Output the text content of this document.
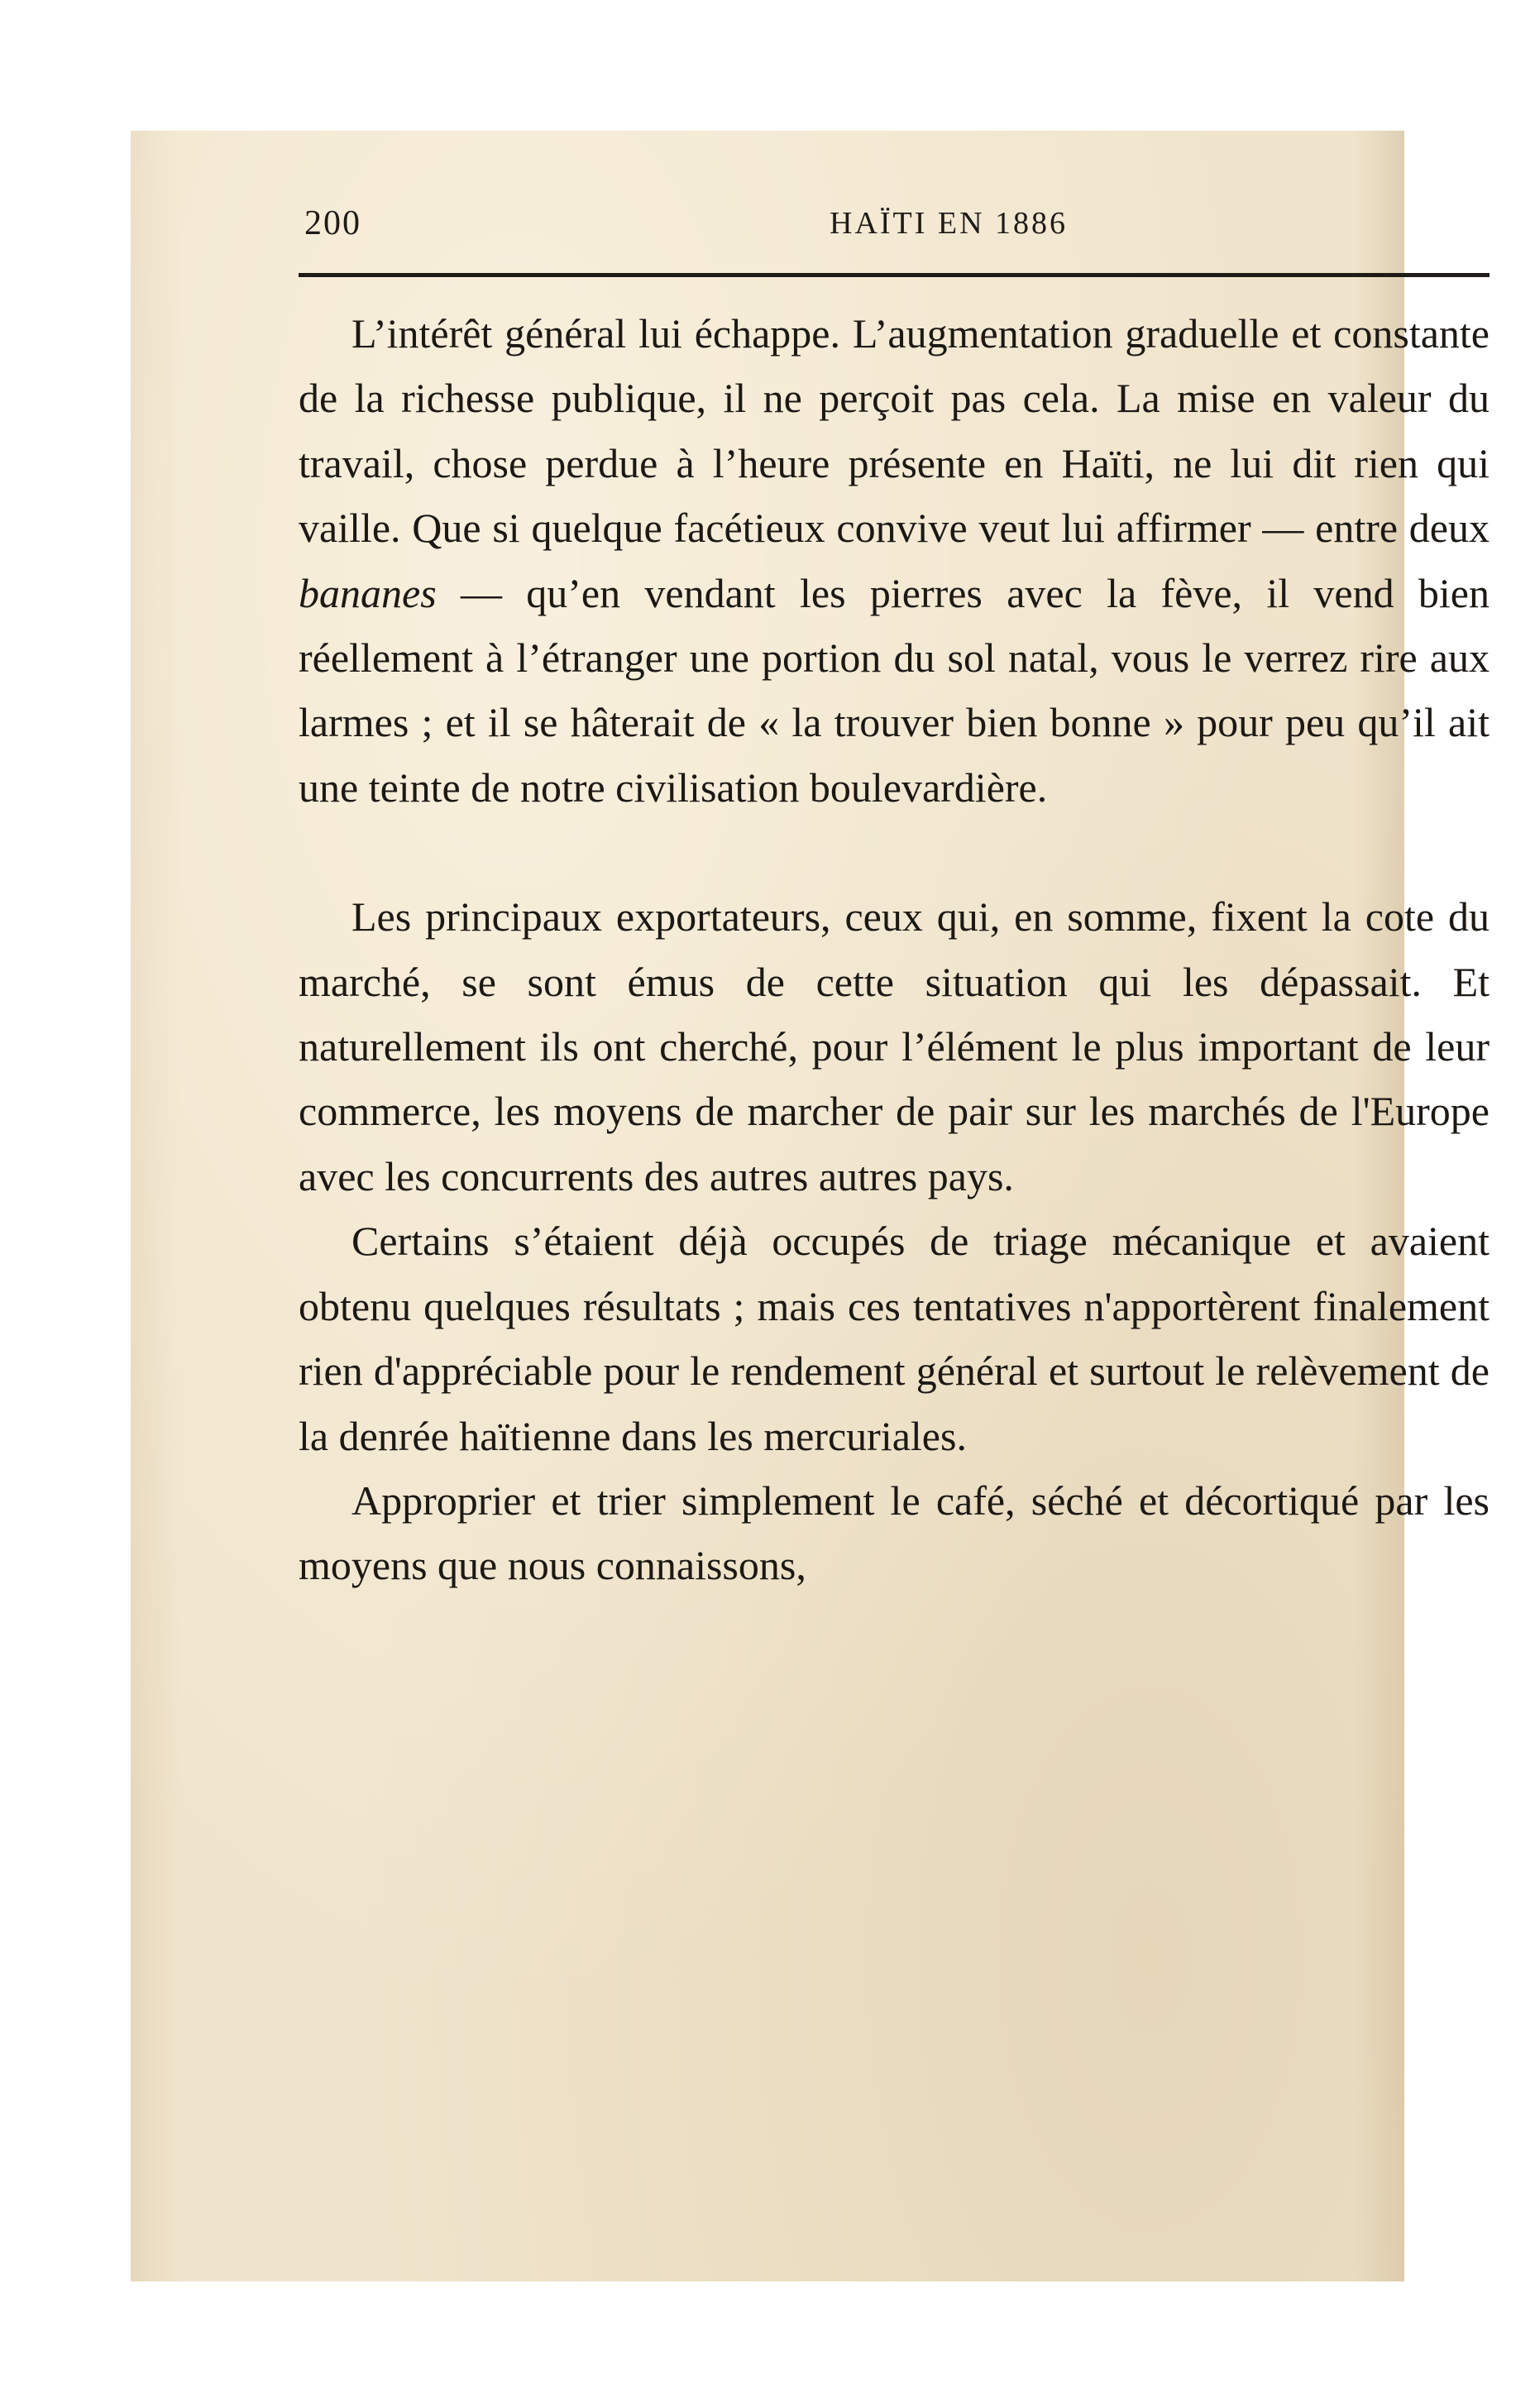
200	HAÏTI EN 1886

L’intérêt général lui échappe. L’augmentation graduelle et constante de la richesse publique, il ne perçoit pas cela. La mise en valeur du travail, chose perdue à l’heure présente en Haïti, ne lui dit rien qui vaille. Que si quelque facétieux convive veut lui affirmer — entre deux bananes — qu’en vendant les pierres avec la fève, il vend bien réellement à l’étranger une portion du sol natal, vous le verrez rire aux larmes ; et il se hâterait de « la trouver bien bonne » pour peu qu’il ait une teinte de notre civilisation boulevardière.

Les principaux exportateurs, ceux qui, en somme, fixent la cote du marché, se sont émus de cette situation qui les dépassait. Et naturellement ils ont cherché, pour l’élément le plus important de leur commerce, les moyens de marcher de pair sur les marchés de l'Europe avec les concurrents des autres autres pays.

Certains s’étaient déjà occupés de triage mécanique et avaient obtenu quelques résultats ; mais ces tentatives n'apportèrent finalement rien d'appréciable pour le rendement général et surtout le relèvement de la denrée haïtienne dans les mercuriales.

Approprier et trier simplement le café, séché et décortiqué par les moyens que nous connaissons,
